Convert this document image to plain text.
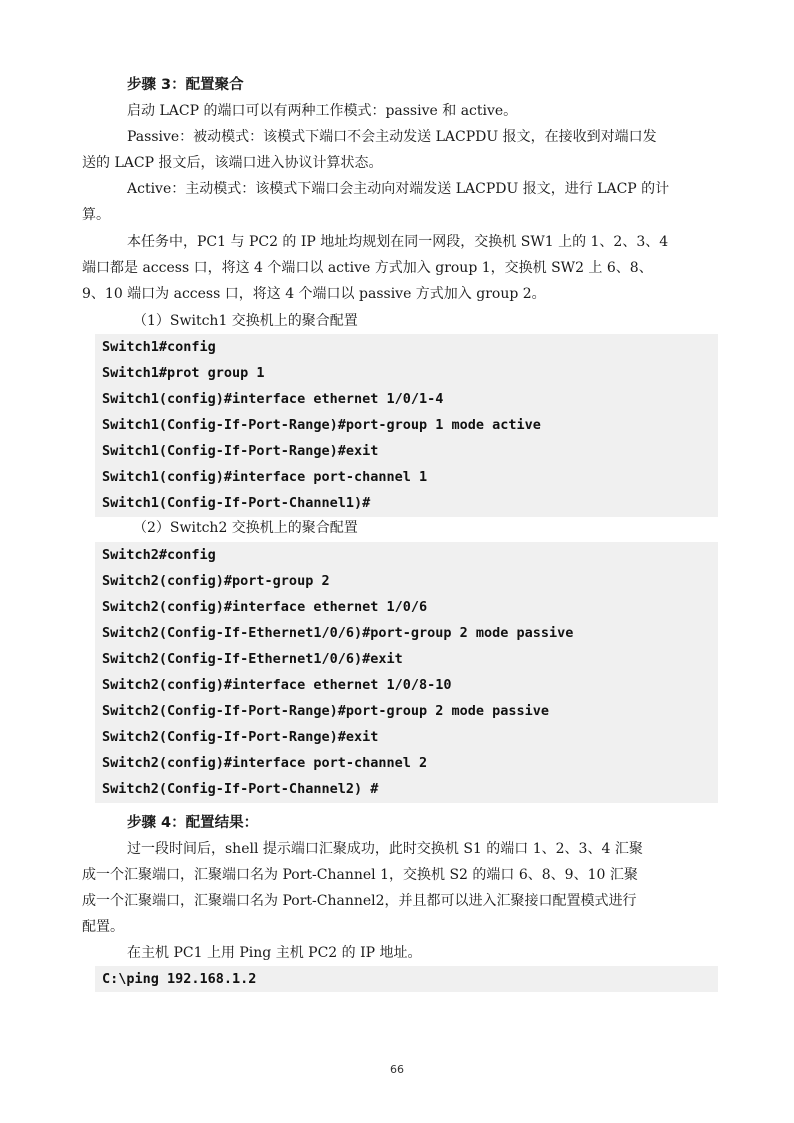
步骤 3：配置聚合
启动 LACP 的端口可以有两种工作模式：passive 和 active。
Passive：被动模式：该模式下端口不会主动发送 LACPDU 报文，在接收到对端口发
送的 LACP 报文后，该端口进入协议计算状态。
Active：主动模式：该模式下端口会主动向对端发送 LACPDU 报文，进行 LACP 的计
算。
本任务中，PC1 与 PC2 的 IP 地址均规划在同一网段，交换机 SW1 上的 1、2、3、4
端口都是 access 口，将这 4 个端口以 active 方式加入 group 1，交换机 SW2 上 6、8、
9、10 端口为 access 口，将这 4 个端口以 passive 方式加入 group 2。
（1）Switch1 交换机上的聚合配置
Switch1#config
Switch1#prot group 1
Switch1(config)#interface ethernet 1/0/1-4
Switch1(Config-If-Port-Range)#port-group 1 mode active
Switch1(Config-If-Port-Range)#exit
Switch1(config)#interface port-channel 1
Switch1(Config-If-Port-Channel1)#
（2）Switch2 交换机上的聚合配置
Switch2#config
Switch2(config)#port-group 2
Switch2(config)#interface ethernet 1/0/6
Switch2(Config-If-Ethernet1/0/6)#port-group 2 mode passive
Switch2(Config-If-Ethernet1/0/6)#exit
Switch2(config)#interface ethernet 1/0/8-10
Switch2(Config-If-Port-Range)#port-group 2 mode passive
Switch2(Config-If-Port-Range)#exit
Switch2(config)#interface port-channel 2
Switch2(Config-If-Port-Channel2) #
步骤 4：配置结果：
过一段时间后，shell 提示端口汇聚成功，此时交换机 S1 的端口 1、2、3、4 汇聚
成一个汇聚端口，汇聚端口名为 Port-Channel 1，交换机 S2 的端口 6、8、9、10 汇聚
成一个汇聚端口，汇聚端口名为 Port-Channel2，并且都可以进入汇聚接口配置模式进行
配置。
在主机 PC1 上用 Ping 主机 PC2 的 IP 地址。
C:\ping 192.168.1.2
66
